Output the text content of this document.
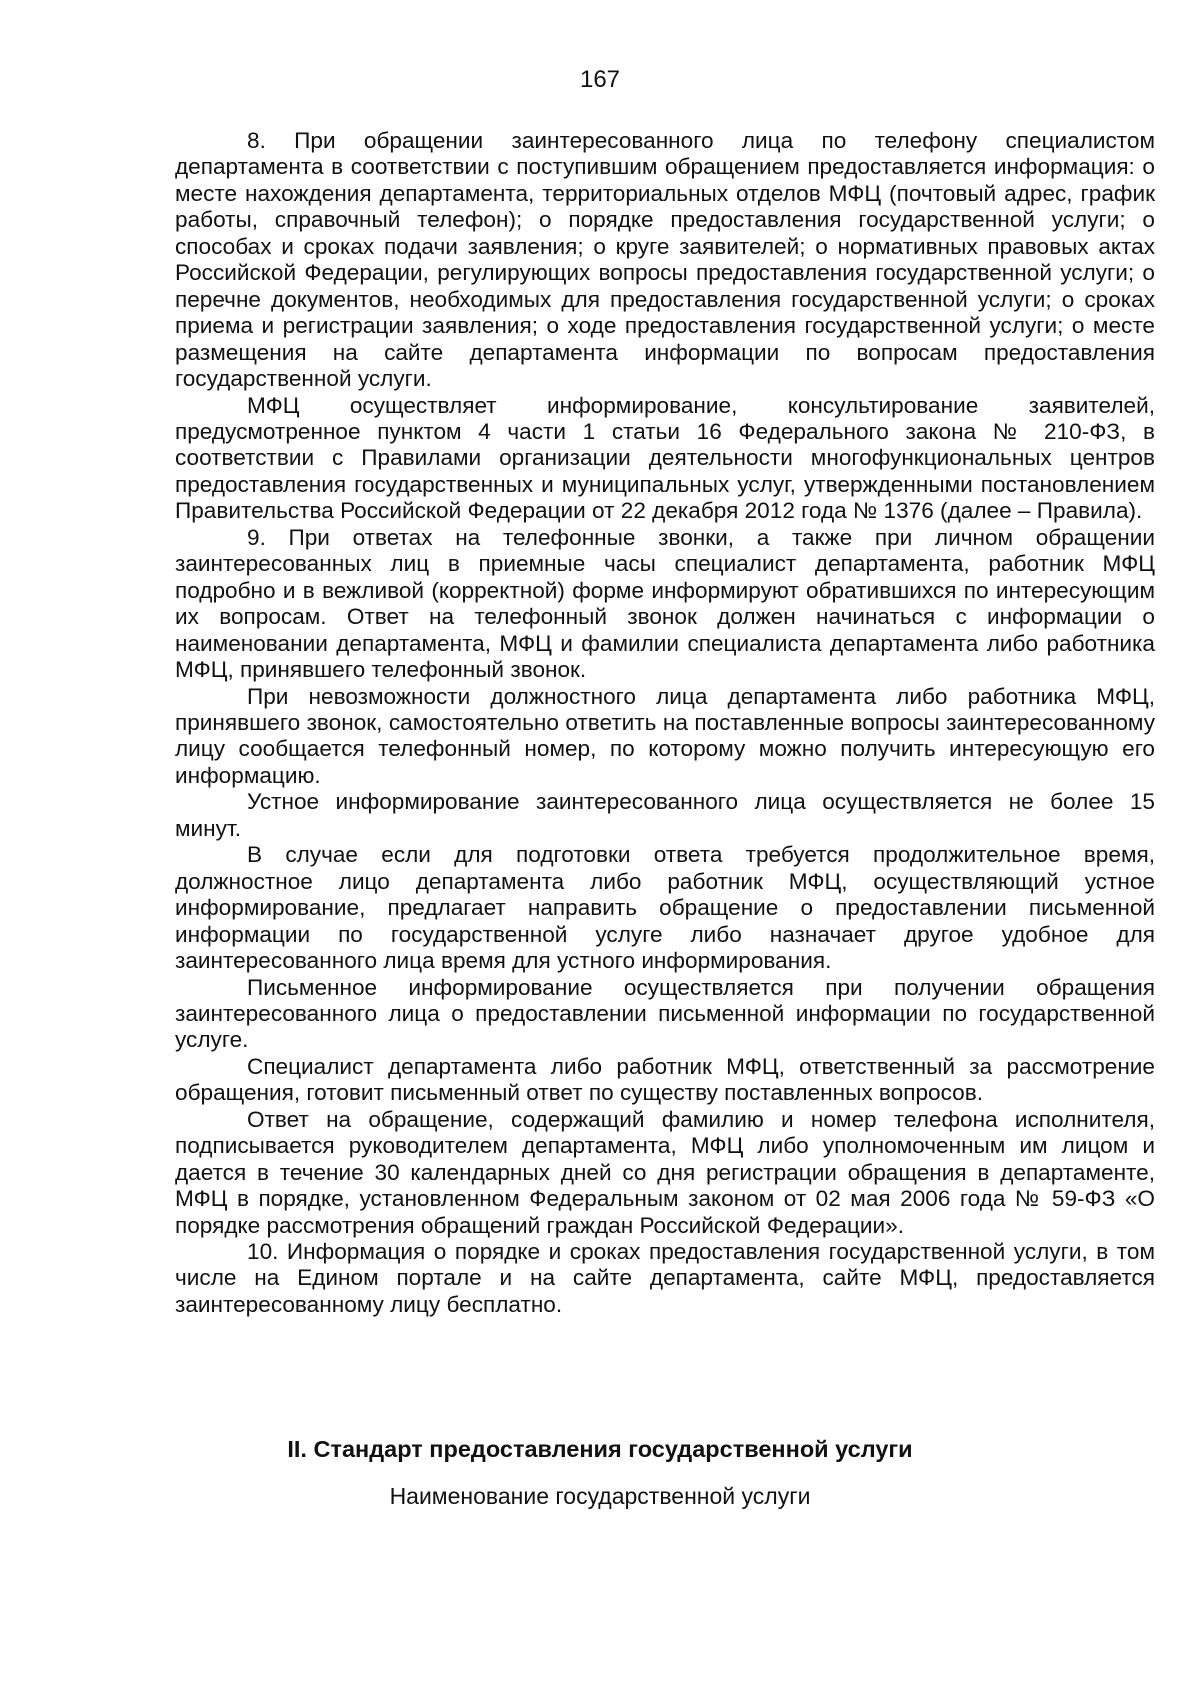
167

8. При обращении заинтересованного лица по телефону специалистом департамента в соответствии с поступившим обращением предоставляется информация: о месте нахождения департамента, территориальных отделов МФЦ (почтовый адрес, график работы, справочный телефон); о порядке предоставления государственной услуги; о способах и сроках подачи заявления; о круге заявителей; о нормативных правовых актах Российской Федерации, регулирующих вопросы предоставления государственной услуги; о перечне документов, необходимых для предоставления государственной услуги; о сроках приема и регистрации заявления; о ходе предоставления государственной услуги; о месте размещения на сайте департамента информации по вопросам предоставления государственной услуги.

МФЦ осуществляет информирование, консультирование заявителей, предусмотренное пунктом 4 части 1 статьи 16 Федерального закона № 210-ФЗ, в соответствии с Правилами организации деятельности многофункциональных центров предоставления государственных и муниципальных услуг, утвержденными постановлением Правительства Российской Федерации от 22 декабря 2012 года № 1376 (далее – Правила).

9. При ответах на телефонные звонки, а также при личном обращении заинтересованных лиц в приемные часы специалист департамента, работник МФЦ подробно и в вежливой (корректной) форме информируют обратившихся по интересующим их вопросам. Ответ на телефонный звонок должен начинаться с информации о наименовании департамента, МФЦ и фамилии специалиста департамента либо работника МФЦ, принявшего телефонный звонок.

При невозможности должностного лица департамента либо работника МФЦ, принявшего звонок, самостоятельно ответить на поставленные вопросы заинтересованному лицу сообщается телефонный номер, по которому можно получить интересующую его информацию.

Устное информирование заинтересованного лица осуществляется не более 15 минут.

В случае если для подготовки ответа требуется продолжительное время, должностное лицо департамента либо работник МФЦ, осуществляющий устное информирование, предлагает направить обращение о предоставлении письменной информации по государственной услуге либо назначает другое удобное для заинтересованного лица время для устного информирования.

Письменное информирование осуществляется при получении обращения заинтересованного лица о предоставлении письменной информации по государственной услуге.

Специалист департамента либо работник МФЦ, ответственный за рассмотрение обращения, готовит письменный ответ по существу поставленных вопросов.

Ответ на обращение, содержащий фамилию и номер телефона исполнителя, подписывается руководителем департамента, МФЦ либо уполномоченным им лицом и дается в течение 30 календарных дней со дня регистрации обращения в департаменте, МФЦ в порядке, установленном Федеральным законом от 02 мая 2006 года № 59-ФЗ «О порядке рассмотрения обращений граждан Российской Федерации».

10. Информация о порядке и сроках предоставления государственной услуги, в том числе на Едином портале и на сайте департамента, сайте МФЦ, предоставляется заинтересованному лицу бесплатно.

II. Стандарт предоставления государственной услуги
Наименование государственной услуги
